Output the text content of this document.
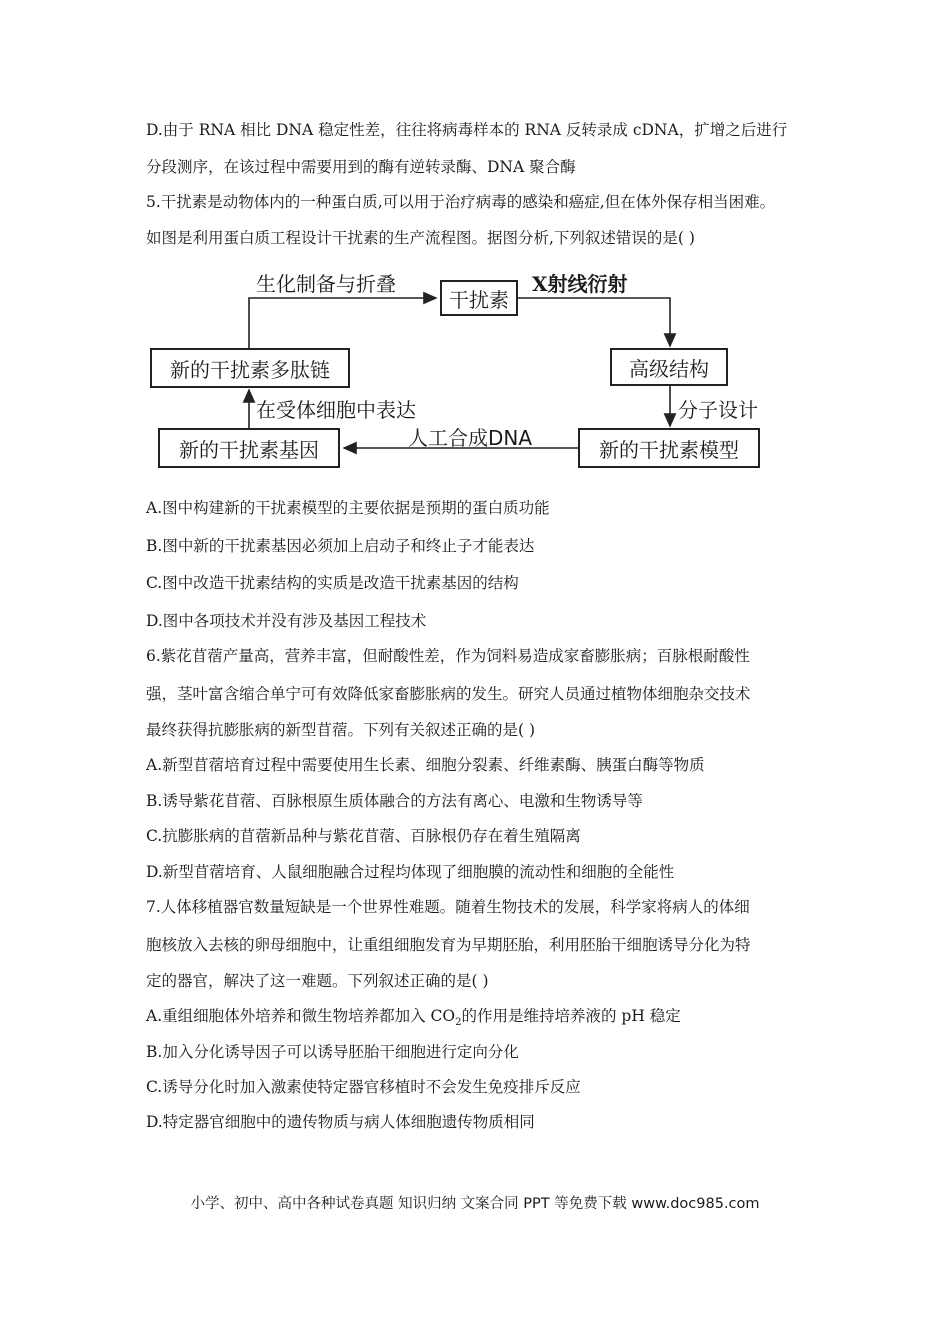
D.由于 RNA 相比 DNA 稳定性差，往往将病毒样本的 RNA 反转录成 cDNA，扩增之后进行
分段测序，在该过程中需要用到的酶有逆转录酶、DNA 聚合酶
5.干扰素是动物体内的一种蛋白质,可以用于治疗病毒的感染和癌症,但在体外保存相当困难。
如图是利用蛋白质工程设计干扰素的生产流程图。据图分析,下列叙述错误的是( )
干扰素
高级结构
新的干扰素模型
新的干扰素基因
新的干扰素多肽链
生化制备与折叠	X射线衍射
分子设计
人工合成DNA
在受体细胞中表达
A.图中构建新的干扰素模型的主要依据是预期的蛋白质功能
B.图中新的干扰素基因必须加上启动子和终止子才能表达
C.图中改造干扰素结构的实质是改造干扰素基因的结构
D.图中各项技术并没有涉及基因工程技术
6.紫花苜蓿产量高，营养丰富，但耐酸性差，作为饲料易造成家畜膨胀病；百脉根耐酸性
强，茎叶富含缩合单宁可有效降低家畜膨胀病的发生。研究人员通过植物体细胞杂交技术
最终获得抗膨胀病的新型苜蓿。下列有关叙述正确的是( )
A.新型苜蓿培育过程中需要使用生长素、细胞分裂素、纤维素酶、胰蛋白酶等物质
B.诱导紫花苜蓿、百脉根原生质体融合的方法有离心、电激和生物诱导等
C.抗膨胀病的苜蓿新品种与紫花苜蓿、百脉根仍存在着生殖隔离
D.新型苜蓿培育、人鼠细胞融合过程均体现了细胞膜的流动性和细胞的全能性
7.人体移植器官数量短缺是一个世界性难题。随着生物技术的发展，科学家将病人的体细
胞核放入去核的卵母细胞中，让重组细胞发育为早期胚胎，利用胚胎干细胞诱导分化为特
定的器官，解决了这一难题。下列叙述正确的是( )
A.重组细胞体外培养和微生物培养都加入 $CO_2$的作用是维持培养液的 pH 稳定
B.加入分化诱导因子可以诱导胚胎干细胞进行定向分化
C.诱导分化时加入激素使特定器官移植时不会发生免疫排斥反应
D.特定器官细胞中的遗传物质与病人体细胞遗传物质相同
小学、初中、高中各种试卷真题 知识归纳 文案合同 PPT 等免费下载 www.doc985.com
